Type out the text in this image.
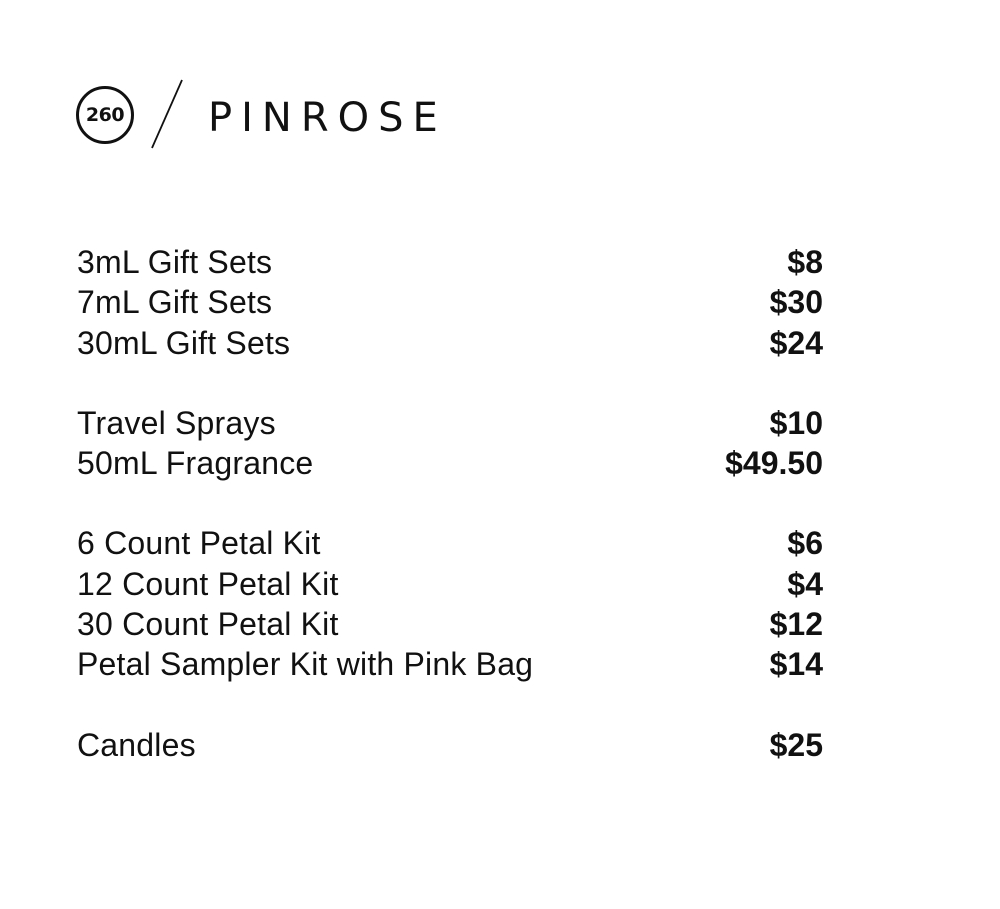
260 PINROSE
3mL Gift Sets	$8
7mL Gift Sets	$30
30mL Gift Sets	$24
Travel Sprays	$10
50mL Fragrance	$49.50
6 Count Petal Kit	$6
12 Count Petal Kit	$4
30 Count Petal Kit	$12
Petal Sampler Kit with Pink Bag	$14
Candles	$25
